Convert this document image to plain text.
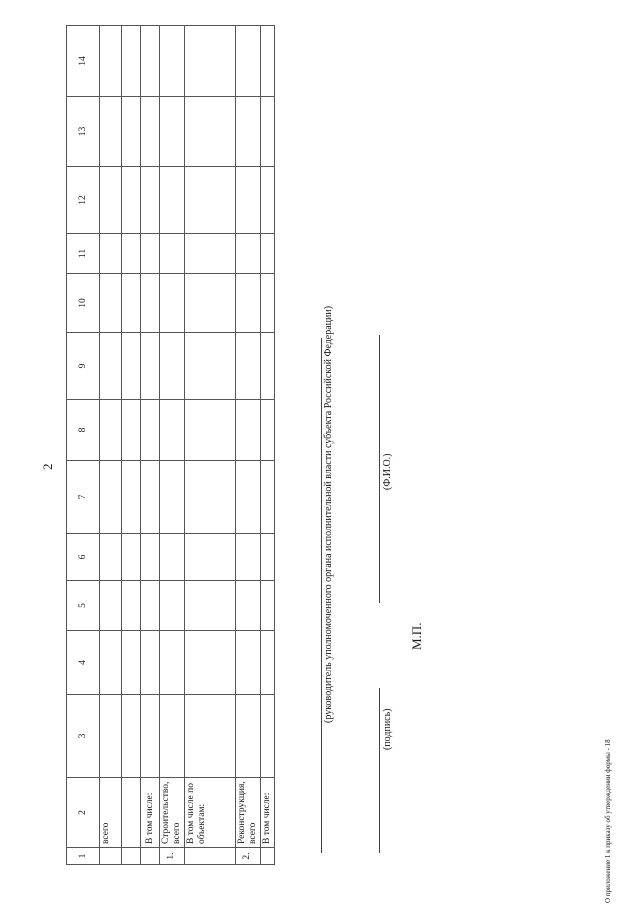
2
1	2	3	4	5	6	7	8	9	10	11	12	13	14
	всего												

	В том числе:												
1.	Строительство, всего												
	В том числе по объектам:												
2.	Реконструкция, всего												
	В том числе:												
(руководитель уполномоченного органа исполнительной власти субъекта Российской Федерации)
(подпись)
(Ф.И.О.)
М.П.
О приложение 1 к приказу об утверждении формы - 18
